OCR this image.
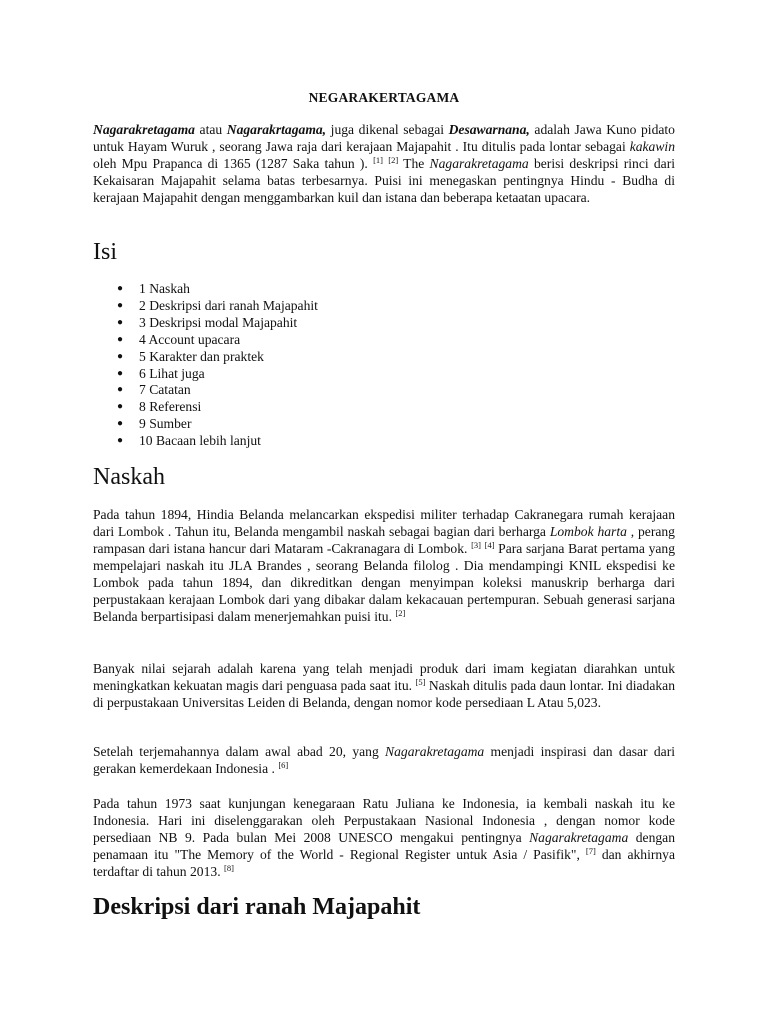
NEGARAKERTAGAMA

Nagarakretagama atau Nagarakrtagama, juga dikenal sebagai Desawarnana, adalah Jawa Kuno pidato untuk Hayam Wuruk , seorang Jawa raja dari kerajaan Majapahit . Itu ditulis pada lontar sebagai kakawin oleh Mpu Prapanca di 1365 (1287 Saka tahun ). [1] [2] The Nagarakretagama berisi deskripsi rinci dari Kekaisaran Majapahit selama batas terbesarnya. Puisi ini menegaskan pentingnya Hindu - Budha di kerajaan Majapahit dengan menggambarkan kuil dan istana dan beberapa ketaatan upacara.

Isi
● 1 Naskah
● 2 Deskripsi dari ranah Majapahit
● 3 Deskripsi modal Majapahit
● 4 Account upacara
● 5 Karakter dan praktek
● 6 Lihat juga
● 7 Catatan
● 8 Referensi
● 9 Sumber
● 10 Bacaan lebih lanjut
Naskah

Pada tahun 1894, Hindia Belanda melancarkan ekspedisi militer terhadap Cakranegara rumah kerajaan dari Lombok . Tahun itu, Belanda mengambil naskah sebagai bagian dari berharga Lombok harta , perang rampasan dari istana hancur dari Mataram -Cakranagara di Lombok. [3] [4] Para sarjana Barat pertama yang mempelajari naskah itu JLA Brandes , seorang Belanda filolog . Dia mendampingi KNIL ekspedisi ke Lombok pada tahun 1894, dan dikreditkan dengan menyimpan koleksi manuskrip berharga dari perpustakaan kerajaan Lombok dari yang dibakar dalam kekacauan pertempuran. Sebuah generasi sarjana Belanda berpartisipasi dalam menerjemahkan puisi itu. [2]

Banyak nilai sejarah adalah karena yang telah menjadi produk dari imam kegiatan diarahkan untuk meningkatkan kekuatan magis dari penguasa pada saat itu. [5] Naskah ditulis pada daun lontar. Ini diadakan di perpustakaan Universitas Leiden di Belanda, dengan nomor kode persediaan L Atau 5,023.

Setelah terjemahannya dalam awal abad 20, yang Nagarakretagama menjadi inspirasi dan dasar dari gerakan kemerdekaan Indonesia . [6]

Pada tahun 1973 saat kunjungan kenegaraan Ratu Juliana ke Indonesia, ia kembali naskah itu ke Indonesia. Hari ini diselenggarakan oleh Perpustakaan Nasional Indonesia , dengan nomor kode persediaan NB 9. Pada bulan Mei 2008 UNESCO mengakui pentingnya Nagarakretagama dengan penamaan itu "The Memory of the World - Regional Register untuk Asia / Pasifik", [7] dan akhirnya terdaftar di tahun 2013. [8]

Deskripsi dari ranah Majapahit
